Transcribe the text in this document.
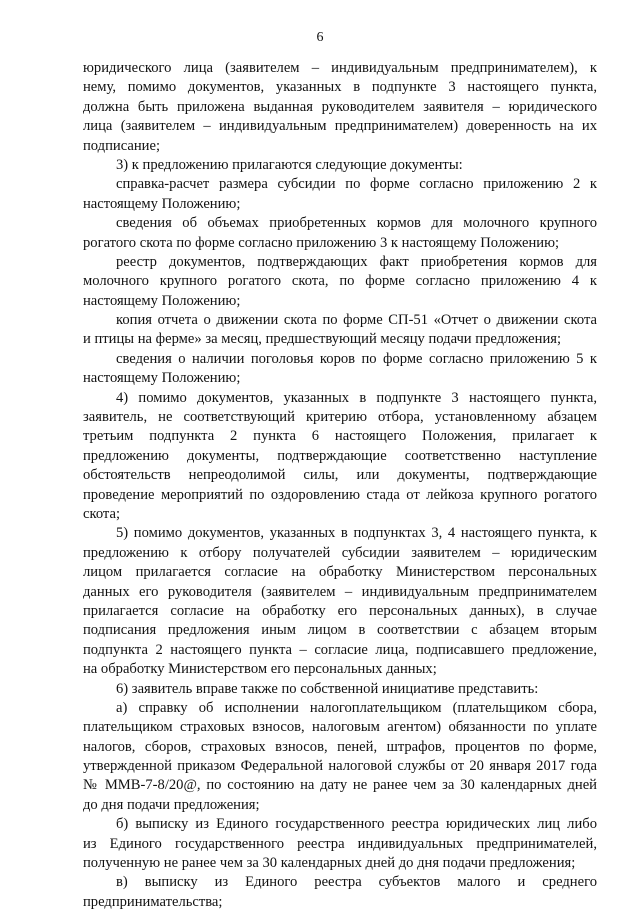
6
юридического лица (заявителем – индивидуальным предпринимателем), к
нему, помимо документов, указанных в подпункте 3 настоящего пункта,
должна быть приложена выданная руководителем заявителя – юридического
лица (заявителем – индивидуальным предпринимателем) доверенность на их
подписание;
3) к предложению прилагаются следующие документы:
справка-расчет размера субсидии по форме согласно приложению 2 к
настоящему Положению;
сведения об объемах приобретенных кормов для молочного крупного
рогатого скота по форме согласно приложению 3 к настоящему Положению;
реестр документов, подтверждающих факт приобретения кормов для
молочного крупного рогатого скота, по форме согласно приложению 4 к
настоящему Положению;
копия отчета о движении скота по форме СП-51 «Отчет о движении скота
и птицы на ферме» за месяц, предшествующий месяцу подачи предложения;
сведения о наличии поголовья коров по форме согласно приложению 5 к
настоящему Положению;
4) помимо документов, указанных в подпункте 3 настоящего пункта,
заявитель, не соответствующий критерию отбора, установленному абзацем
третьим подпункта 2 пункта 6 настоящего Положения, прилагает к
предложению документы, подтверждающие соответственно наступление
обстоятельств непреодолимой силы, или документы, подтверждающие
проведение мероприятий по оздоровлению стада от лейкоза крупного рогатого
скота;
5) помимо документов, указанных в подпунктах 3, 4 настоящего пункта, к
предложению к отбору получателей субсидии заявителем – юридическим
лицом прилагается согласие на обработку Министерством персональных
данных его руководителя (заявителем – индивидуальным предпринимателем
прилагается согласие на обработку его персональных данных), в случае
подписания предложения иным лицом в соответствии с абзацем вторым
подпункта 2 настоящего пункта – согласие лица, подписавшего предложение,
на обработку Министерством его персональных данных;
6) заявитель вправе также по собственной инициативе представить:
а) справку об исполнении налогоплательщиком (плательщиком сбора,
плательщиком страховых взносов, налоговым агентом) обязанности по уплате
налогов, сборов, страховых взносов, пеней, штрафов, процентов по форме,
утвержденной приказом Федеральной налоговой службы от 20 января 2017 года
№ ММВ-7-8/20@, по состоянию на дату не ранее чем за 30 календарных дней
до дня подачи предложения;
б) выписку из Единого государственного реестра юридических лиц либо
из Единого государственного реестра индивидуальных предпринимателей,
полученную не ранее чем за 30 календарных дней до дня подачи предложения;
в) выписку из Единого реестра субъектов малого и среднего
предпринимательства;
